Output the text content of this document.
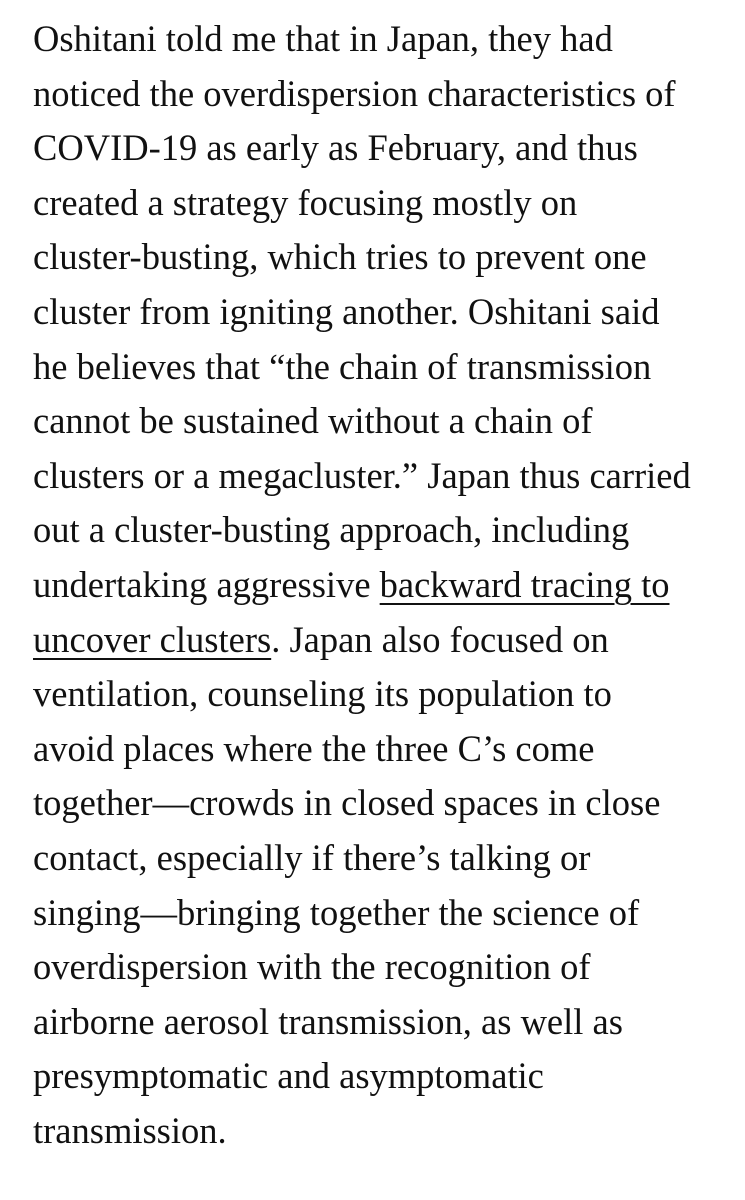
Oshitani told me that in Japan, they had
noticed the overdispersion characteristics of
COVID-19 as early as February, and thus
created a strategy focusing mostly on
cluster-busting, which tries to prevent one
cluster from igniting another. Oshitani said
he believes that “the chain of transmission
cannot be sustained without a chain of
clusters or a megacluster.” Japan thus carried
out a cluster-busting approach, including
undertaking aggressive backward tracing to
uncover clusters. Japan also focused on
ventilation, counseling its population to
avoid places where the three C’s come
together—crowds in closed spaces in close
contact, especially if there’s talking or
singing—bringing together the science of
overdispersion with the recognition of
airborne aerosol transmission, as well as
presymptomatic and asymptomatic
transmission.
